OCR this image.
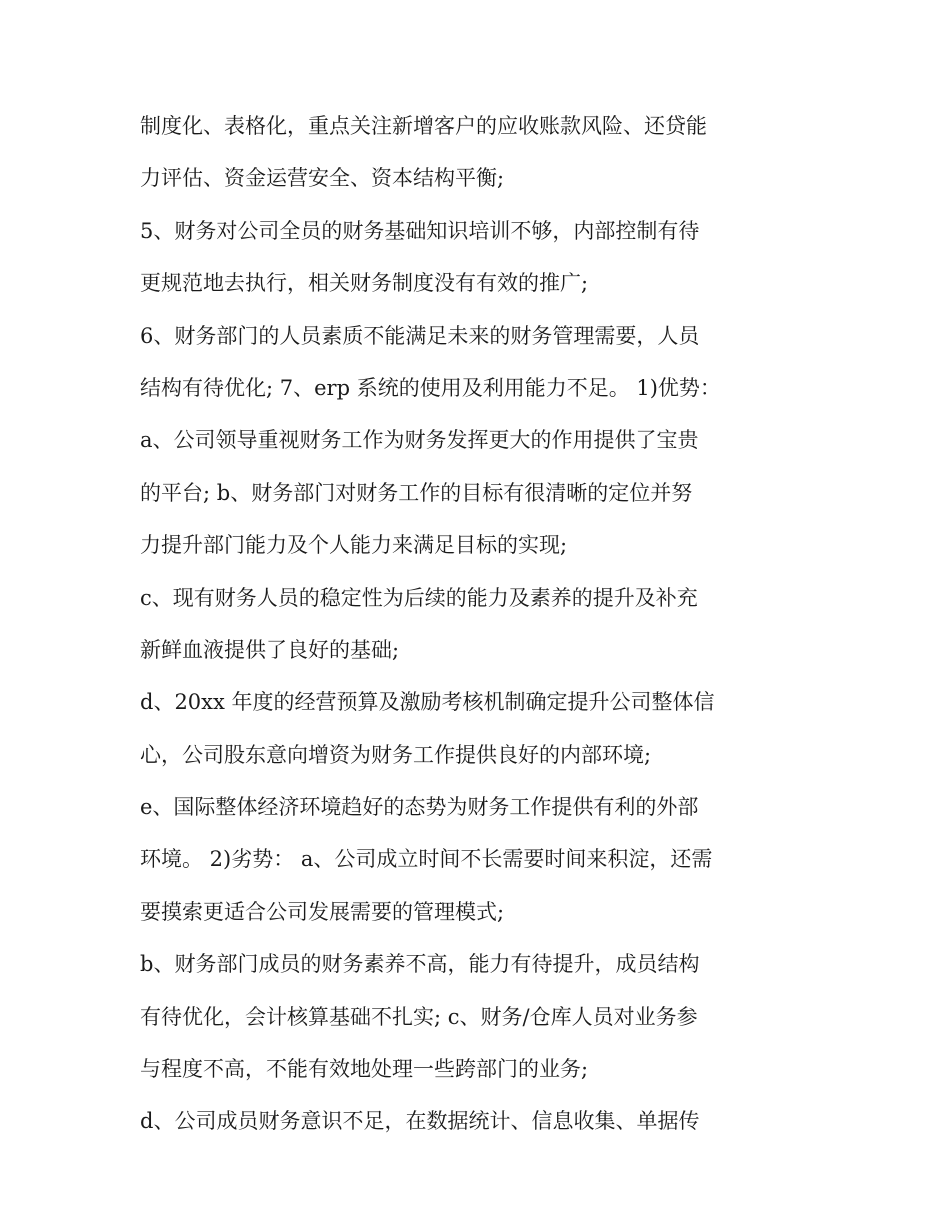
制度化、表格化，重点关注新增客户的应收账款风险、还贷能
力评估、资金运营安全、资本结构平衡;
5、财务对公司全员的财务基础知识培训不够，内部控制有待
更规范地去执行，相关财务制度没有有效的推广;
6、财务部门的人员素质不能满足未来的财务管理需要，人员
结构有待优化; 7、erp 系统的使用及利用能力不足。 1)优势：
a、公司领导重视财务工作为财务发挥更大的作用提供了宝贵
的平台; b、财务部门对财务工作的目标有很清晰的定位并努
力提升部门能力及个人能力来满足目标的实现;
c、现有财务人员的稳定性为后续的能力及素养的提升及补充
新鲜血液提供了良好的基础;
d、20xx 年度的经营预算及激励考核机制确定提升公司整体信
心，公司股东意向增资为财务工作提供良好的内部环境;
e、国际整体经济环境趋好的态势为财务工作提供有利的外部
环境。 2)劣势： a、公司成立时间不长需要时间来积淀，还需
要摸索更适合公司发展需要的管理模式;
b、财务部门成员的财务素养不高，能力有待提升，成员结构
有待优化，会计核算基础不扎实; c、财务/仓库人员对业务参
与程度不高，不能有效地处理一些跨部门的业务;
d、公司成员财务意识不足，在数据统计、信息收集、单据传
